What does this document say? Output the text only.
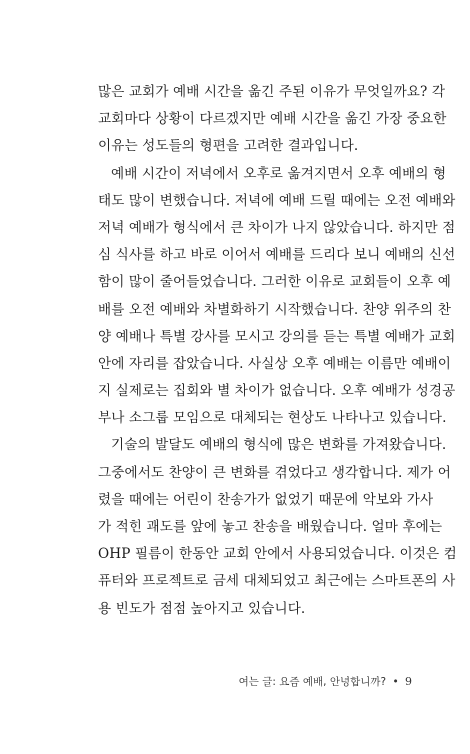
많은 교회가 예배 시간을 옮긴 주된 이유가 무엇일까요? 각
교회마다 상황이 다르겠지만 예배 시간을 옮긴 가장 중요한
이유는 성도들의 형편을 고려한 결과입니다.
예배 시간이 저녁에서 오후로 옮겨지면서 오후 예배의 형
태도 많이 변했습니다. 저녁에 예배 드릴 때에는 오전 예배와
저녁 예배가 형식에서 큰 차이가 나지 않았습니다. 하지만 점
심 식사를 하고 바로 이어서 예배를 드리다 보니 예배의 신선
함이 많이 줄어들었습니다. 그러한 이유로 교회들이 오후 예
배를 오전 예배와 차별화하기 시작했습니다. 찬양 위주의 찬
양 예배나 특별 강사를 모시고 강의를 듣는 특별 예배가 교회
안에 자리를 잡았습니다. 사실상 오후 예배는 이름만 예배이
지 실제로는 집회와 별 차이가 없습니다. 오후 예배가 성경공
부나 소그룹 모임으로 대체되는 현상도 나타나고 있습니다.
기술의 발달도 예배의 형식에 많은 변화를 가져왔습니다.
그중에서도 찬양이 큰 변화를 겪었다고 생각합니다. 제가 어
렸을 때에는 어린이 찬송가가 없었기 때문에 악보와 가사
가 적힌 괘도를 앞에 놓고 찬송을 배웠습니다. 얼마 후에는
OHP 필름이 한동안 교회 안에서 사용되었습니다. 이것은 컴
퓨터와 프로젝트로 금세 대체되었고 최근에는 스마트폰의 사
용 빈도가 점점 높아지고 있습니다.
여는 글: 요즘 예배, 안녕합니까? • 9
